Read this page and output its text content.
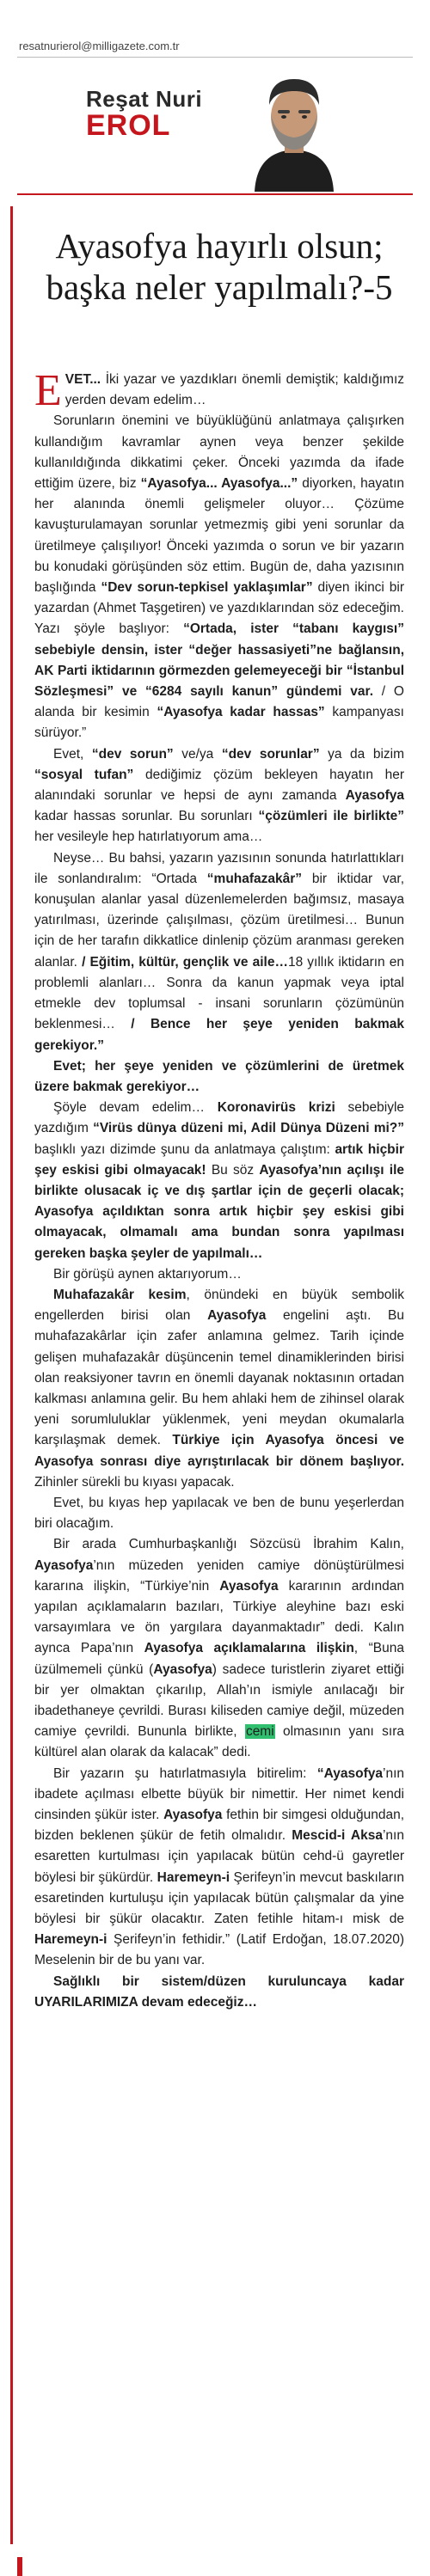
resatnurierol@milligazete.com.tr
Reşat Nuri
EROL
Ayasofya hayırlı olsun; başka neler yapılmalı?-5

EVET... İki yazar ve yazdıkları önemli demiştik; kaldığımız yerden devam edelim…

Sorunların önemini ve büyüklüğünü anlatmaya çalışırken kullandığım kavramlar aynen veya benzer şekilde kullanıldığında dikkatimi çeker. Önceki yazımda da ifade ettiğim üzere, biz “Ayasofya... Ayasofya...” diyorken, hayatın her alanında önemli gelişmeler oluyor… Çözüme kavuşturulamayan sorunlar yetmezmiş gibi yeni sorunlar da üretilmeye çalışılıyor! Önceki yazımda o sorun ve bir yazarın bu konudaki görüşünden söz ettim. Bugün de, daha yazısının başlığında “Dev sorun-tepkisel yaklaşımlar” diyen ikinci bir yazardan (Ahmet Taşgetiren) ve yazdıklarından söz edeceğim. Yazı şöyle başlıyor: “Ortada, ister “tabanı kaygısı” sebebiyle densin, ister “değer hassasiyeti”ne bağlansın, AK Parti iktidarının görmezden gelemeyeceği bir “İstanbul Sözleşmesi” ve “6284 sayılı kanun” gündemi var. / O alanda bir kesimin “Ayasofya kadar hassas” kampanyası sürüyor.”

Evet, “dev sorun” ve/ya “dev sorunlar” ya da bizim “sosyal tufan” dediğimiz çözüm bekleyen hayatın her alanındaki sorunlar ve hepsi de aynı zamanda Ayasofya kadar hassas sorunlar. Bu sorunları “çözümleri ile birlikte” her vesileyle hep hatırlatıyorum ama…

Neyse… Bu bahsi, yazarın yazısının sonunda hatırlattıkları ile sonlandıralım: “Ortada “muhafazakâr” bir iktidar var, konuşulan alanlar yasal düzenlemelerden bağımsız, masaya yatırılması, üzerinde çalışılması, çözüm üretilmesi… Bunun için de her tarafın dikkatlice dinlenip çözüm aranması gereken alanlar. / Eğitim, kültür, gençlik ve aile…18 yıllık iktidarın en problemli alanları… Sonra da kanun yapmak veya iptal etmekle dev toplumsal - insani sorunların çözümünün beklenmesi… / Bence her şeye yeniden bakmak gerekiyor.”

Evet; her şeye yeniden ve çözümlerini de üretmek üzere bakmak gerekiyor…

Şöyle devam edelim… Koronavirüs krizi sebebiyle yazdığım “Virüs dünya düzeni mi, Adil Dünya Düzeni mi?” başlıklı yazı dizimde şunu da anlatmaya çalıştım: artık hiçbir şey eskisi gibi olmayacak! Bu söz Ayasofya’nın açılışı ile birlikte olusacak iç ve dış şartlar için de geçerli olacak; Ayasofya açıldıktan sonra artık hiçbir şey eskisi gibi olmayacak, olmamalı ama bundan sonra yapılması gereken başka şeyler de yapılmalı…

Bir görüşü aynen aktarıyorum…

Muhafazakâr kesim, önündeki en büyük sembolik engellerden birisi olan Ayasofya engelini aştı. Bu muhafazakârlar için zafer anlamına gelmez. Tarih içinde gelişen muhafazakâr düşüncenin temel dinamiklerinden birisi olan reaksiyoner tavrın en önemli dayanak noktasının ortadan kalkması anlamına gelir. Bu hem ahlaki hem de zihinsel olarak yeni sorumluluklar yüklenmek, yeni meydan okumalarla karşılaşmak demek. Türkiye için Ayasofya öncesi ve Ayasofya sonrası diye ayrıştırılacak bir dönem başlıyor. Zihinler sürekli bu kıyası yapacak.

Evet, bu kıyas hep yapılacak ve ben de bunu yeşerlerdan biri olacağım.

Bir arada Cumhurbaşkanlığı Sözcüsü İbrahim Kalın, Ayasofya’nın müzeden yeniden camiye dönüştürülmesi kararına ilişkin, “Türkiye’nin Ayasofya kararının ardından yapılan açıklamaların bazıları, Türkiye aleyhine bazı eski varsayımlara ve ön yargılara dayanmaktadır” dedi. Kalın aynca Papa’nın Ayasofya açıklamalarına ilişkin, “Buna üzülmemeli çünkü (Ayasofya) sadece turistlerin ziyaret ettiği bir yer olmaktan çıkarılıp, Allah’ın ismiyle anılacağı bir ibadethaneye çevrildi. Burası kiliseden camiye değil, müzeden camiye çevrildi. Bununla birlikte, cemi olmasının yanı sıra kültürel alan olarak da kalacak” dedi.

Bir yazarın şu hatırlatmasıyla bitirelim: “Ayasofya’nın ibadete açılması elbette büyük bir nimettir. Her nimet kendi cinsinden şükür ister. Ayasofya fethin bir simgesi olduğundan, bizden beklenen şükür de fetih olmalıdır. Mescid-i Aksa’nın esaretten kurtulması için yapılacak bütün cehd-ü gayretler böylesi bir şükürdür. Haremeyn-i Şerifeyn’in mevcut baskıların esaretinden kurtuluşu için yapılacak bütün çalışmalar da yine böylesi bir şükür olacaktır. Zaten fetihle hitam-ı misk de Haremeyn-i Şerifeyn’in fethidir.” (Latif Erdoğan, 18.07.2020) Meselenin bir de bu yanı var.

Sağlıklı bir sistem/düzen kuruluncaya kadar UYARILARIMIZA devam edeceğiz…
